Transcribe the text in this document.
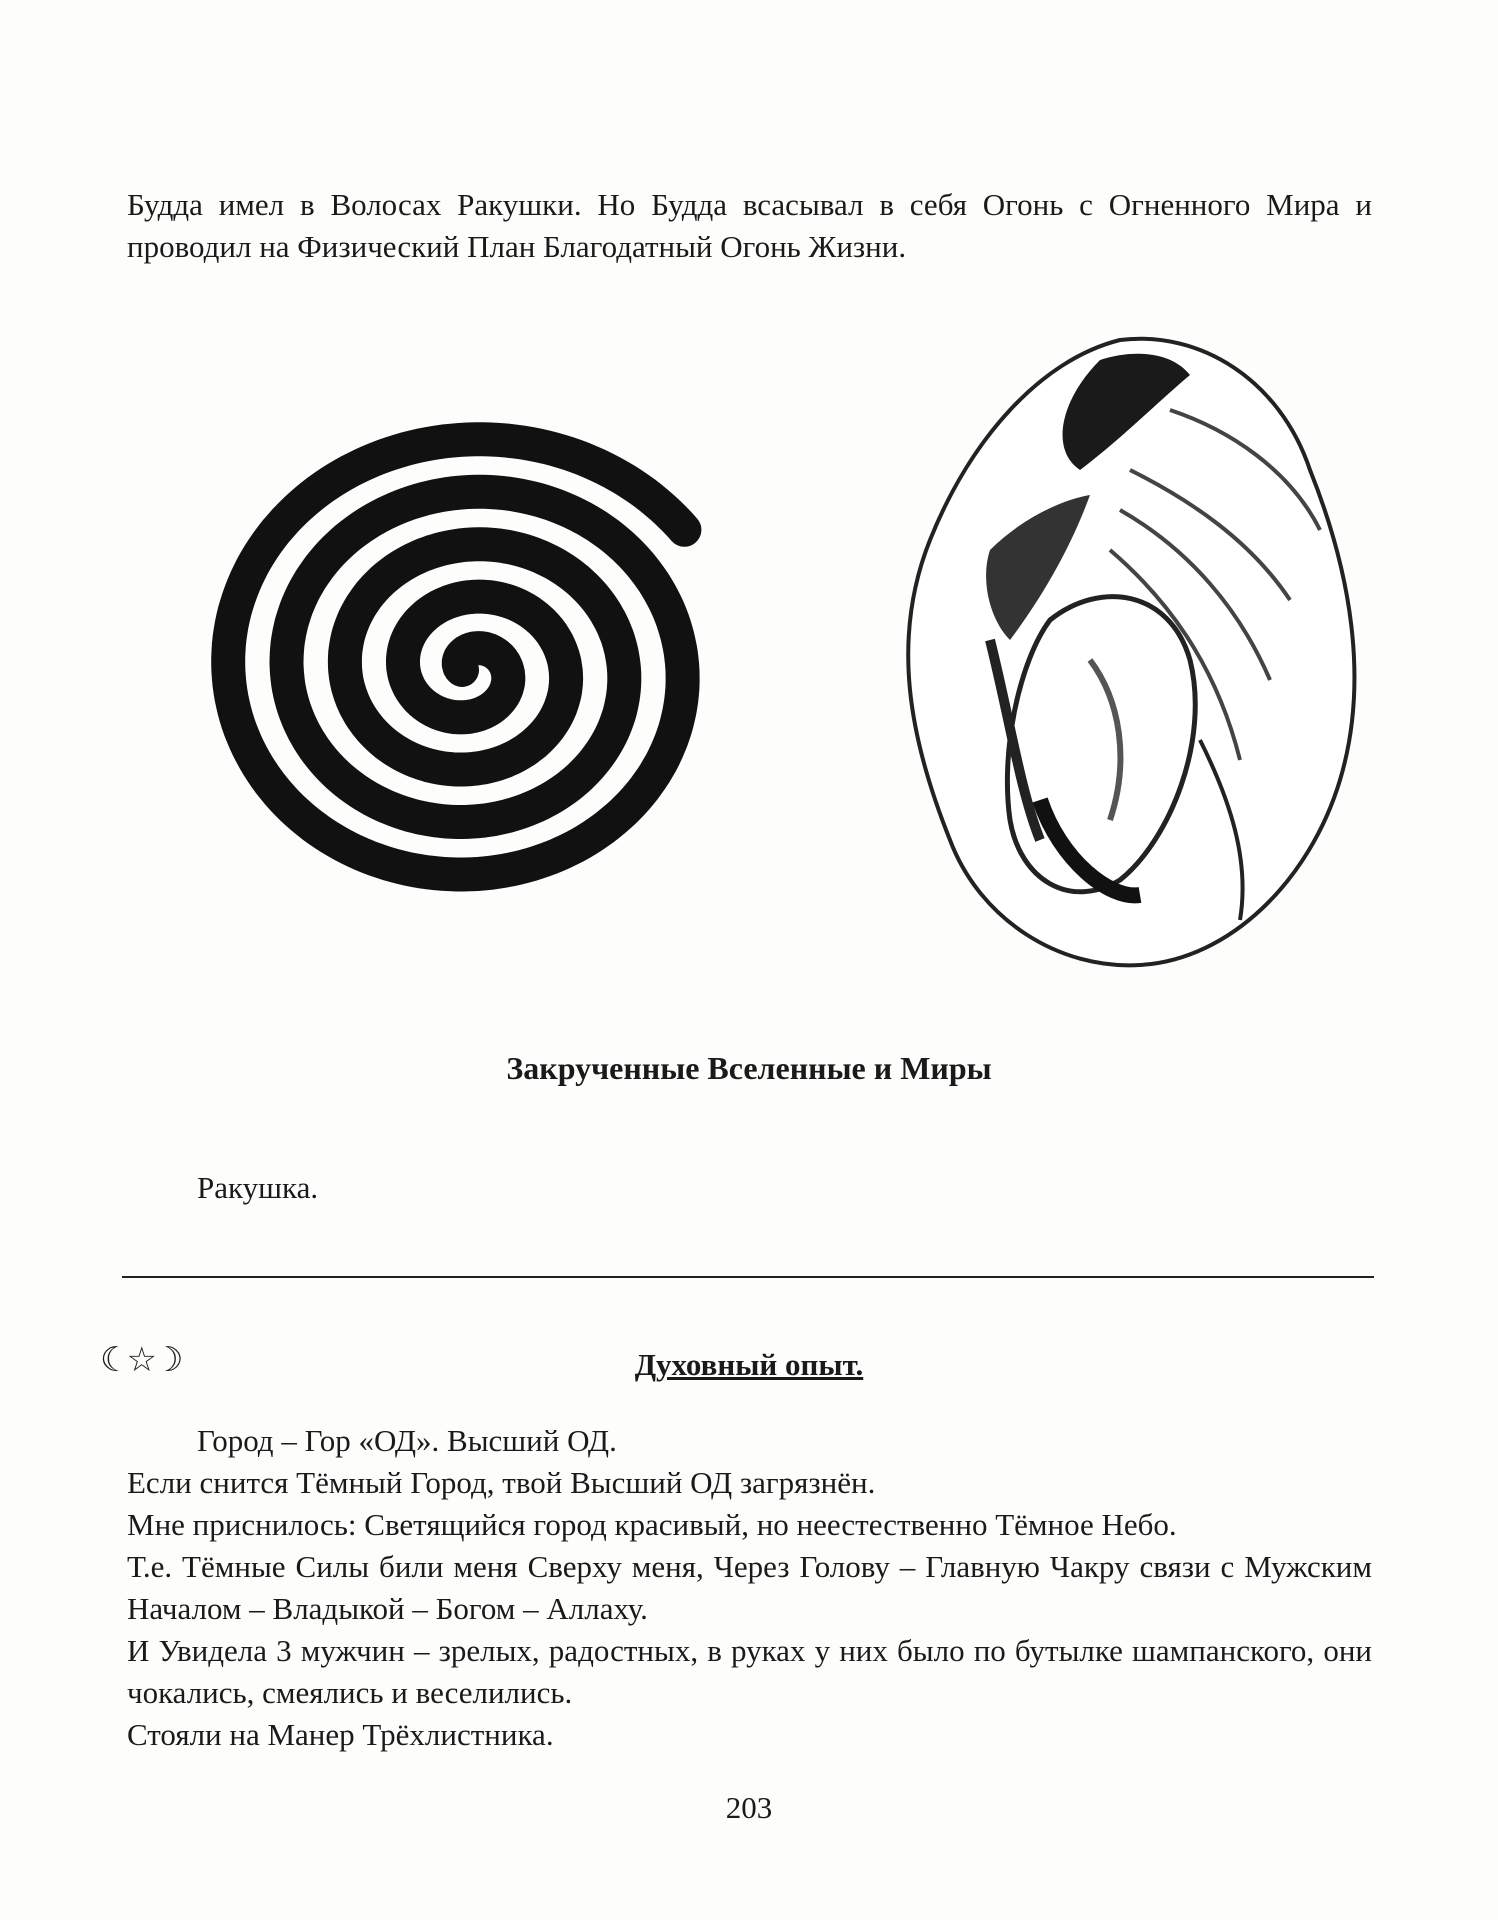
Будда имел в Волосах Ракушки. Но Будда всасывал в себя Огонь с Огненного Мира и проводил на Физический План Благодатный Огонь Жизни.

Закрученные Вселенные и Миры
Ракушка.
☾☆☽	Духовный опыт.

Город – Гор «ОД». Высший ОД.

Если снится Тёмный Город, твой Высший ОД загрязнён.

Мне приснилось: Светящийся город красивый, но неестественно Тёмное Небо.

Т.е. Тёмные Силы били меня Сверху меня, Через Голову – Главную Чакру связи с Мужским Началом – Владыкой – Богом – Аллаху.

И Увидела 3 мужчин – зрелых, радостных, в руках у них было по бутылке шампанского, они чокались, смеялись и веселились.

Стояли на Манер Трёхлистника.

203
